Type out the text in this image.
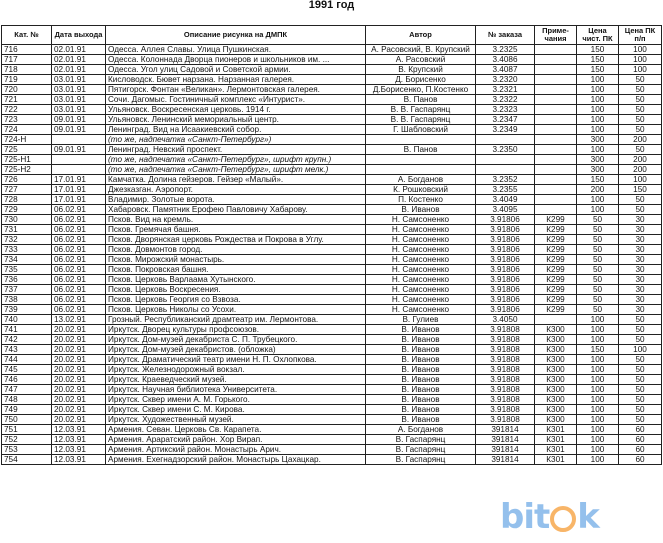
1991 год
Кат. №	Дата выхода	Описание рисунка на ДМПК	Автор	№ заказа	Приме-чания	Цена чист. ПК	Цена ПК п/п
716	02.01.91	Одесса. Аллея Славы. Улица Пушкинская.	А. Расовский, В. Крупский	3.2325		150	100
717	02.01.91	Одесса. Колоннада Дворца пионеров и школьников им. ...	А. Расовский	3.4086		150	100
718	02.01.91	Одесса. Угол улиц Садовой и Советской армии.	В. Крупский	3.4087		150	100
719	03.01.91	Кисловодск. Бювет нарзана. Нарзанная галерея.	Д. Борисенко	3.2320		100	50
720	03.01.91	Пятигорск. Фонтан «Великан». Лермонтовская галерея.	Д.Борисенко, П.Костенко	3.2321		100	50
721	03.01.91	Сочи. Дагомыс. Гостиничный комплекс «Интурист».	В. Панов	3.2322		100	50
722	03.01.91	Ульяновск. Воскресенская церковь. 1914 г.	В. В. Гаспарянц	3.2323		100	50
723	09.01.91	Ульяновск. Ленинский мемориальный центр.	В. В. Гаспарянц	3.2347		100	50
724	09.01.91	Ленинград. Вид на Исаакиевский собор.	Г. Шабловский	3.2349		100	50
724-Н		(то же, надпечатка «Санкт-Петербург»)				300	200
725	09.01.91	Ленинград. Невский проспект.	В. Панов	3.2350		100	50
725-Н1		(то же, надпечатка «Санкт-Петербург», шрифт крупн.)				300	200
725-Н2		(то же, надпечатка «Санкт-Петербург», шрифт мелк.)				300	200
726	17.01.91	Камчатка. Долина гейзеров. Гейзер «Малый».	А. Богданов	3.2352		150	100
727	17.01.91	Джезказган. Аэропорт.	К. Рошковский	3.2355		200	150
728	17.01.91	Владимир. Золотые ворота.	П. Костенко	3.4049		100	50
729	06.02.91	Хабаровск. Памятник Ерофею Павловичу Хабарову.	В. Иванов	3.4095		100	50
730	06.02.91	Псков. Вид на кремль.	Н. Самсоненко	3.91806	К299	50	30
731	06.02.91	Псков. Гремячая башня.	Н. Самсоненко	3.91806	К299	50	30
732	06.02.91	Псков. Дворянская церковь Рождества и Покрова в Углу.	Н. Самсоненко	3.91806	К299	50	30
733	06.02.91	Псков. Довмонтов город.	Н. Самсоненко	3.91806	К299	50	30
734	06.02.91	Псков. Мирожский монастырь.	Н. Самсоненко	3.91806	К299	50	30
735	06.02.91	Псков. Покровская башня.	Н. Самсоненко	3.91806	К299	50	30
736	06.02.91	Псков. Церковь Варлаама Хутынского.	Н. Самсоненко	3.91806	К299	50	30
737	06.02.91	Псков. Церковь Воскресения.	Н. Самсоненко	3.91806	К299	50	30
738	06.02.91	Псков. Церковь Георгия со Взвоза.	Н. Самсоненко	3.91806	К299	50	30
739	06.02.91	Псков. Церковь Николы со Усохи.	Н. Самсоненко	3.91806	К299	50	30
740	13.02.91	Грозный. Республиканский драмтеатр им. Лермонтова.	В. Гулиев	3.4050		100	50
741	20.02.91	Иркутск. Дворец культуры профсоюзов.	В. Иванов	3.91808	К300	100	50
742	20.02.91	Иркутск. Дом-музей декабриста С. П. Трубецкого.	В. Иванов	3.91808	К300	100	50
743	20.02.91	Иркутск. Дом-музей декабристов. (обложка)	В. Иванов	3.91808	К300	150	100
744	20.02.91	Иркутск. Драматический театр имени Н. П. Охлопкова.	В. Иванов	3.91808	К300	100	50
745	20.02.91	Иркутск. Железнодорожный вокзал.	В. Иванов	3.91808	К300	100	50
746	20.02.91	Иркутск. Краеведческий музей.	В. Иванов	3.91808	К300	100	50
747	20.02.91	Иркутск. Научная библиотека Университета.	В. Иванов	3.91808	К300	100	50
748	20.02.91	Иркутск. Сквер имени А. М. Горького.	В. Иванов	3.91808	К300	100	50
749	20.02.91	Иркутск. Сквер имени С. М. Кирова.	В. Иванов	3.91808	К300	100	50
750	20.02.91	Иркутск. Художественный музей.	В. Иванов	3.91808	К300	100	50
751	12.03.91	Армения. Севан. Церковь Св. Карапета.	А. Богданов	391814	К301	100	60
752	12.03.91	Армения. Араратский район. Хор Вирап.	В. Гаспарянц	391814	К301	100	60
753	12.03.91	Армения. Артикский район. Монастырь Арич.	В. Гаспарянц	391814	К301	100	60
754	12.03.91	Армения. Ехегнадзорский район. Монастырь Цахацкар.	В. Гаспарянц	391814	К301	100	60
bit k
